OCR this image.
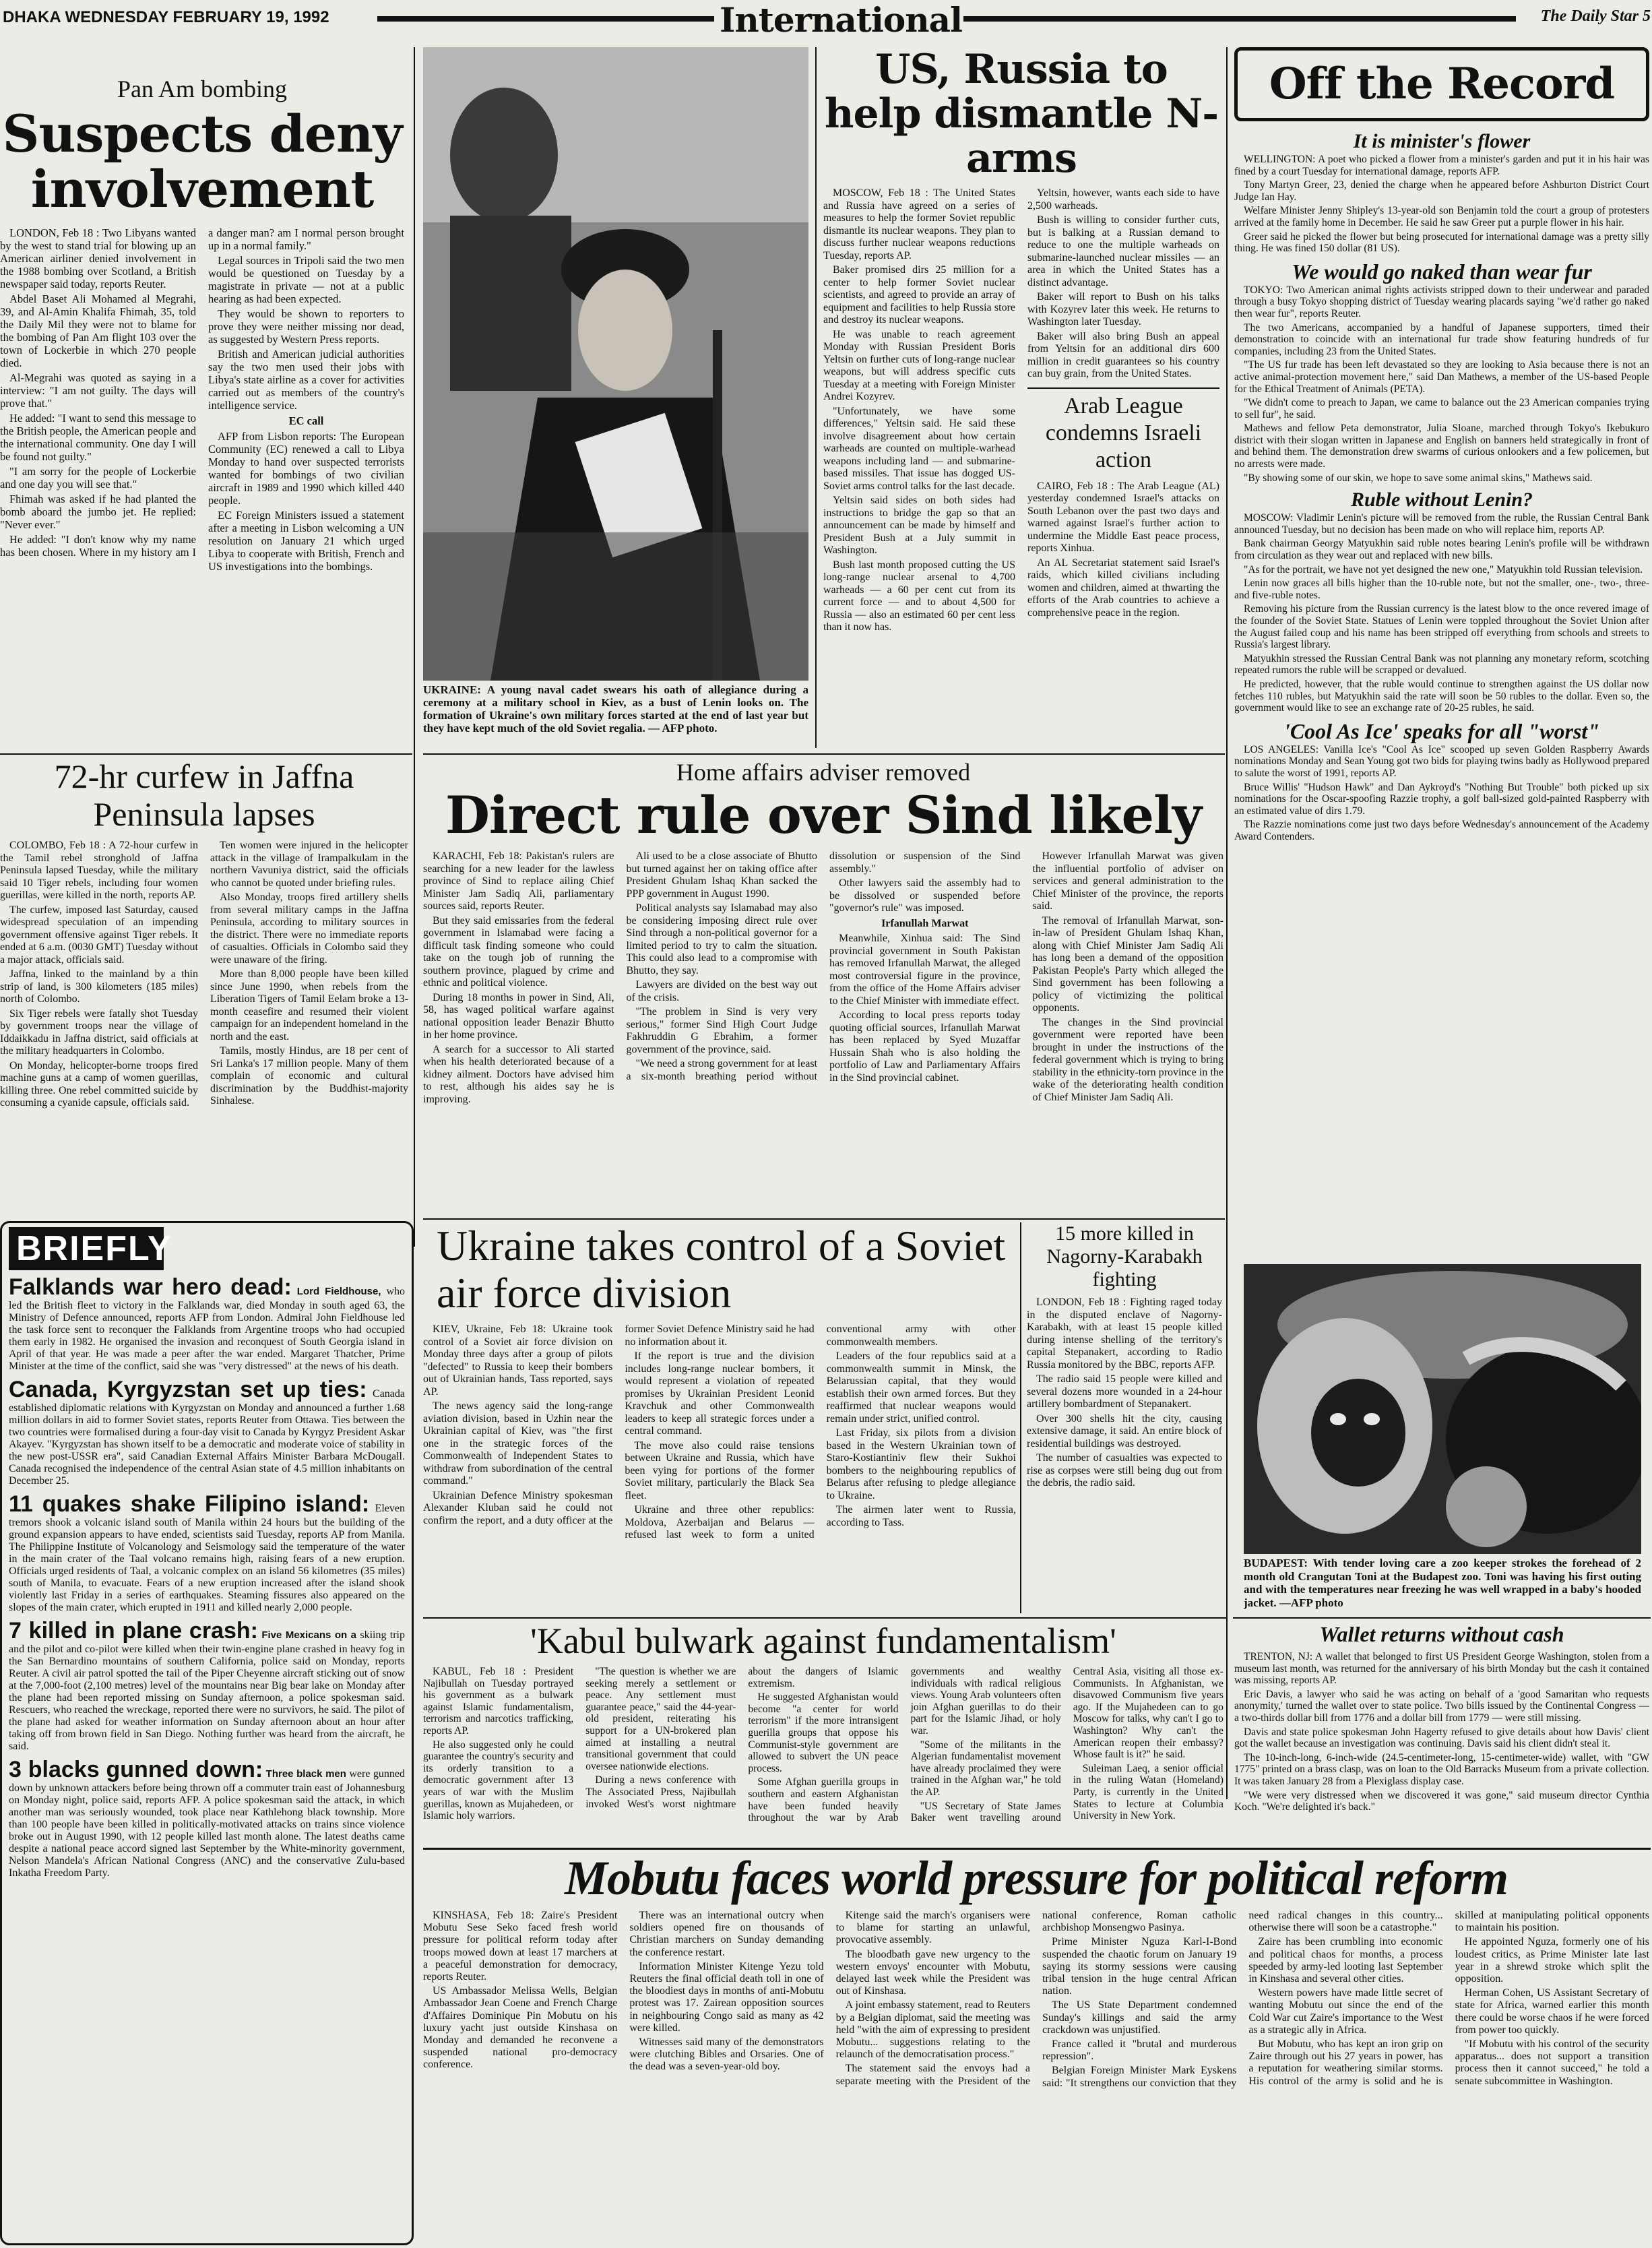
DHAKA WEDNESDAY FEBRUARY 19, 1992	International	The Daily Star 5
Pan Am bombing
Suspects deny involvement

LONDON, Feb 18 : Two Libyans wanted by the west to stand trial for blowing up an American airliner denied involvement in the 1988 bombing over Scotland, a British newspaper said today, reports Reuter.

Abdel Baset Ali Mohamed al Megrahi, 39, and Al-Amin Khalifa Fhimah, 35, told the Daily Mil they were not to blame for the bombing of Pan Am flight 103 over the town of Lockerbie in which 270 people died.

Al-Megrahi was quoted as saying in a interview: "I am not guilty. The days will prove that."

He added: "I want to send this message to the British people, the American people and the international community. One day I will be found not guilty."

"I am sorry for the people of Lockerbie and one day you will see that."

Fhimah was asked if he had planted the bomb aboard the jumbo jet. He replied: "Never ever."

He added: "I don't know why my name has been chosen. Where in my history am I a danger man? am I normal person brought up in a normal family."

Legal sources in Tripoli said the two men would be questioned on Tuesday by a magistrate in private — not at a public hearing as had been expected.

They would be shown to reporters to prove they were neither missing nor dead, as suggested by Western Press reports.

British and American judicial authorities say the two men used their jobs with Libya's state airline as a cover for activities carried out as members of the country's intelligence service.

EC call

AFP from Lisbon reports: The European Community (EC) renewed a call to Libya Monday to hand over suspected terrorists wanted for bombings of two civilian aircraft in 1989 and 1990 which killed 440 people.

EC Foreign Ministers issued a statement after a meeting in Lisbon welcoming a UN resolution on January 21 which urged Libya to cooperate with British, French and US investigations into the bombings.

UKRAINE: A young naval cadet swears his oath of allegiance during a ceremony at a military school in Kiev, as a bust of Lenin looks on. The formation of Ukraine's own military forces started at the end of last year but they have kept much of the old Soviet regalia. — AFP photo.
US, Russia to help dismantle N-arms

MOSCOW, Feb 18 : The United States and Russia have agreed on a series of measures to help the former Soviet republic dismantle its nuclear weapons. They plan to discuss further nuclear weapons reductions Tuesday, reports AP.

Baker promised dirs 25 million for a center to help former Soviet nuclear scientists, and agreed to provide an array of equipment and facilities to help Russia store and destroy its nuclear weapons.

He was unable to reach agreement Monday with Russian President Boris Yeltsin on further cuts of long-range nuclear weapons, but will address specific cuts Tuesday at a meeting with Foreign Minister Andrei Kozyrev.

"Unfortunately, we have some differences," Yeltsin said. He said these involve disagreement about how certain warheads are counted on multiple-warhead weapons including land — and submarine-based missiles. That issue has dogged US-Soviet arms control talks for the last decade.

Yeltsin said sides on both sides had instructions to bridge the gap so that an announcement can be made by himself and President Bush at a July summit in Washington.

Bush last month proposed cutting the US long-range nuclear arsenal to 4,700 warheads — a 60 per cent cut from its current force — and to about 4,500 for Russia — also an estimated 60 per cent less than it now has.

Yeltsin, however, wants each side to have 2,500 warheads.

Bush is willing to consider further cuts, but is balking at a Russian demand to reduce to one the multiple warheads on submarine-launched nuclear missiles — an area in which the United States has a distinct advantage.

Baker will report to Bush on his talks with Kozyrev later this week. He returns to Washington later Tuesday.

Baker will also bring Bush an appeal from Yeltsin for an additional dirs 600 million in credit guarantees so his country can buy grain, from the United States.

Arab League condemns Israeli action

CAIRO, Feb 18 : The Arab League (AL) yesterday condemned Israel's attacks on South Lebanon over the past two days and warned against Israel's further action to undermine the Middle East peace process, reports Xinhua.

An AL Secretariat statement said Israel's raids, which killed civilians including women and children, aimed at thwarting the efforts of the Arab countries to achieve a comprehensive peace in the region.

Off the Record
It is minister's flower

WELLINGTON: A poet who picked a flower from a minister's garden and put it in his hair was fined by a court Tuesday for international damage, reports AFP.

Tony Martyn Greer, 23, denied the charge when he appeared before Ashburton District Court Judge Ian Hay.

Welfare Minister Jenny Shipley's 13-year-old son Benjamin told the court a group of protesters arrived at the family home in December. He said he saw Greer put a purple flower in his hair.

Greer said he picked the flower but being prosecuted for international damage was a pretty silly thing. He was fined 150 dollar (81 US).

We would go naked than wear fur

TOKYO: Two American animal rights activists stripped down to their underwear and paraded through a busy Tokyo shopping district of Tuesday wearing placards saying "we'd rather go naked then wear fur", reports Reuter.

The two Americans, accompanied by a handful of Japanese supporters, timed their demonstration to coincide with an international fur trade show featuring hundreds of fur companies, including 23 from the United States.

"The US fur trade has been left devastated so they are looking to Asia because there is not an active animal-protection movement here," said Dan Mathews, a member of the US-based People for the Ethical Treatment of Animals (PETA).

"We didn't come to preach to Japan, we came to balance out the 23 American companies trying to sell fur", he said.

Mathews and fellow Peta demonstrator, Julia Sloane, marched through Tokyo's Ikebukuro district with their slogan written in Japanese and English on banners held strategically in front of and behind them. The demonstration drew swarms of curious onlookers and a few policemen, but no arrests were made.

"By showing some of our skin, we hope to save some animal skins," Mathews said.

Ruble without Lenin?

MOSCOW: Vladimir Lenin's picture will be removed from the ruble, the Russian Central Bank announced Tuesday, but no decision has been made on who will replace him, reports AP.

Bank chairman Georgy Matyukhin said ruble notes bearing Lenin's profile will be withdrawn from circulation as they wear out and replaced with new bills.

"As for the portrait, we have not yet designed the new one," Matyukhin told Russian television.

Lenin now graces all bills higher than the 10-ruble note, but not the smaller, one-, two-, three- and five-ruble notes.

Removing his picture from the Russian currency is the latest blow to the once revered image of the founder of the Soviet State. Statues of Lenin were toppled throughout the Soviet Union after the August failed coup and his name has been stripped off everything from schools and streets to Russia's largest library.

Matyukhin stressed the Russian Central Bank was not planning any monetary reform, scotching repeated rumors the ruble will be scrapped or devalued.

He predicted, however, that the ruble would continue to strengthen against the US dollar now fetches 110 rubles, but Matyukhin said the rate will soon be 50 rubles to the dollar. Even so, the government would like to see an exchange rate of 20-25 rubles, he said.

'Cool As Ice' speaks for all "worst"

LOS ANGELES: Vanilla Ice's "Cool As Ice" scooped up seven Golden Raspberry Awards nominations Monday and Sean Young got two bids for playing twins badly as Hollywood prepared to salute the worst of 1991, reports AP.

Bruce Willis' "Hudson Hawk" and Dan Aykroyd's "Nothing But Trouble" both picked up six nominations for the Oscar-spoofing Razzie trophy, a golf ball-sized gold-painted Raspberry with an estimated value of dirs 1.79.

The Razzie nominations come just two days before Wednesday's announcement of the Academy Award Contenders.

72-hr curfew in Jaffna Peninsula lapses

COLOMBO, Feb 18 : A 72-hour curfew in the Tamil rebel stronghold of Jaffna Peninsula lapsed Tuesday, while the military said 10 Tiger rebels, including four women guerillas, were killed in the north, reports AP.

The curfew, imposed last Saturday, caused widespread speculation of an impending government offensive against Tiger rebels. It ended at 6 a.m. (0030 GMT) Tuesday without a major attack, officials said.

Jaffna, linked to the mainland by a thin strip of land, is 300 kilometers (185 miles) north of Colombo.

Six Tiger rebels were fatally shot Tuesday by government troops near the village of Iddaikkadu in Jaffna district, said officials at the military headquarters in Colombo.

On Monday, helicopter-borne troops fired machine guns at a camp of women guerillas, killing three. One rebel committed suicide by consuming a cyanide capsule, officials said.

Ten women were injured in the helicopter attack in the village of Irampalkulam in the northern Vavuniya district, said the officials who cannot be quoted under briefing rules.

Also Monday, troops fired artillery shells from several military camps in the Jaffna Peninsula, according to military sources in the district. There were no immediate reports of casualties. Officials in Colombo said they were unaware of the firing.

More than 8,000 people have been killed since June 1990, when rebels from the Liberation Tigers of Tamil Eelam broke a 13-month ceasefire and resumed their violent campaign for an independent homeland in the north and the east.

Tamils, mostly Hindus, are 18 per cent of Sri Lanka's 17 million people. Many of them complain of economic and cultural discrimination by the Buddhist-majority Sinhalese.

Home affairs adviser removed
Direct rule over Sind likely

KARACHI, Feb 18: Pakistan's rulers are searching for a new leader for the lawless province of Sind to replace ailing Chief Minister Jam Sadiq Ali, parliamentary sources said, reports Reuter.

But they said emissaries from the federal government in Islamabad were facing a difficult task finding someone who could take on the tough job of running the southern province, plagued by crime and ethnic and political violence.

During 18 months in power in Sind, Ali, 58, has waged political warfare against national opposition leader Benazir Bhutto in her home province.

A search for a successor to Ali started when his health deteriorated because of a kidney ailment. Doctors have advised him to rest, although his aides say he is improving.

Ali used to be a close associate of Bhutto but turned against her on taking office after President Ghulam Ishaq Khan sacked the PPP government in August 1990.

Political analysts say Islamabad may also be considering imposing direct rule over Sind through a non-political governor for a limited period to try to calm the situation. This could also lead to a compromise with Bhutto, they say.

Lawyers are divided on the best way out of the crisis.

"The problem in Sind is very very serious," former Sind High Court Judge Fakhruddin G Ebrahim, a former government of the province, said.

"We need a strong government for at least a six-month breathing period without dissolution or suspension of the Sind assembly."

Other lawyers said the assembly had to be dissolved or suspended before "governor's rule" was imposed.

Irfanullah Marwat

Meanwhile, Xinhua said: The Sind provincial government in South Pakistan has removed Irfanullah Marwat, the alleged most controversial figure in the province, from the office of the Home Affairs adviser to the Chief Minister with immediate effect.

According to local press reports today quoting official sources, Irfanullah Marwat has been replaced by Syed Muzaffar Hussain Shah who is also holding the portfolio of Law and Parliamentary Affairs in the Sind provincial cabinet.

However Irfanullah Marwat was given the influential portfolio of adviser on services and general administration to the Chief Minister of the province, the reports said.

The removal of Irfanullah Marwat, son-in-law of President Ghulam Ishaq Khan, along with Chief Minister Jam Sadiq Ali has long been a demand of the opposition Pakistan People's Party which alleged the Sind government has been following a policy of victimizing the political opponents.

The changes in the Sind provincial government were reported have been brought in under the instructions of the federal government which is trying to bring stability in the ethnicity-torn province in the wake of the deteriorating health condition of Chief Minister Jam Sadiq Ali.

BRIEFLY
Falklands war hero dead: Lord Fieldhouse, who led the British fleet to victory in the Falklands war, died Monday in south aged 63, the Ministry of Defence announced, reports AFP from London. Admiral John Fieldhouse led the task force sent to reconquer the Falklands from Argentine troops who had occupied them early in 1982. He organised the invasion and reconquest of South Georgia island in April of that year. He was made a peer after the war ended. Margaret Thatcher, Prime Minister at the time of the conflict, said she was "very distressed" at the news of his death.
Canada, Kyrgyzstan set up ties: Canada established diplomatic relations with Kyrgyzstan on Monday and announced a further 1.68 million dollars in aid to former Soviet states, reports Reuter from Ottawa. Ties between the two countries were formalised during a four-day visit to Canada by Kyrgyz President Askar Akayev. "Kyrgyzstan has shown itself to be a democratic and moderate voice of stability in the new post-USSR era", said Canadian External Affairs Minister Barbara McDougall. Canada recognised the independence of the central Asian state of 4.5 million inhabitants on December 25.
11 quakes shake Filipino island: Eleven tremors shook a volcanic island south of Manila within 24 hours but the building of the ground expansion appears to have ended, scientists said Tuesday, reports AP from Manila. The Philippine Institute of Volcanology and Seismology said the temperature of the water in the main crater of the Taal volcano remains high, raising fears of a new eruption. Officials urged residents of Taal, a volcanic complex on an island 56 kilometres (35 miles) south of Manila, to evacuate. Fears of a new eruption increased after the island shook violently last Friday in a series of earthquakes. Steaming fissures also appeared on the slopes of the main crater, which erupted in 1911 and killed nearly 2,000 people.
7 killed in plane crash: Five Mexicans on a skiing trip and the pilot and co-pilot were killed when their twin-engine plane crashed in heavy fog in the San Bernardino mountains of southern California, police said on Monday, reports Reuter. A civil air patrol spotted the tail of the Piper Cheyenne aircraft sticking out of snow at the 7,000-foot (2,100 metres) level of the mountains near Big bear lake on Monday after the plane had been reported missing on Sunday afternoon, a police spokesman said. Rescuers, who reached the wreckage, reported there were no survivors, he said. The pilot of the plane had asked for weather information on Sunday afternoon about an hour after taking off from brown field in San Diego. Nothing further was heard from the aircraft, he said.
3 blacks gunned down: Three black men were gunned down by unknown attackers before being thrown off a commuter train east of Johannesburg on Monday night, police said, reports AFP. A police spokesman said the attack, in which another man was seriously wounded, took place near Kathlehong black township. More than 100 people have been killed in politically-motivated attacks on trains since violence broke out in August 1990, with 12 people killed last month alone. The latest deaths came despite a national peace accord signed last September by the White-minority government, Nelson Mandela's African National Congress (ANC) and the conservative Zulu-based Inkatha Freedom Party.
Ukraine takes control of a Soviet air force division

KIEV, Ukraine, Feb 18: Ukraine took control of a Soviet air force division on Monday three days after a group of pilots "defected" to Russia to keep their bombers out of Ukrainian hands, Tass reported, says AP.

The news agency said the long-range aviation division, based in Uzhin near the Ukrainian capital of Kiev, was "the first one in the strategic forces of the Commonwealth of Independent States to withdraw from subordination of the central command."

Ukrainian Defence Ministry spokesman Alexander Kluban said he could not confirm the report, and a duty officer at the former Soviet Defence Ministry said he had no information about it.

If the report is true and the division includes long-range nuclear bombers, it would represent a violation of repeated promises by Ukrainian President Leonid Kravchuk and other Commonwealth leaders to keep all strategic forces under a central command.

The move also could raise tensions between Ukraine and Russia, which have been vying for portions of the former Soviet military, particularly the Black Sea fleet.

Ukraine and three other republics: Moldova, Azerbaijan and Belarus — refused last week to form a united conventional army with other commonwealth members.

Leaders of the four republics said at a commonwealth summit in Minsk, the Belarussian capital, that they would establish their own armed forces. But they reaffirmed that nuclear weapons would remain under strict, unified control.

Last Friday, six pilots from a division based in the Western Ukrainian town of Staro-Kostiantiniv flew their Sukhoi bombers to the neighbouring republics of Belarus after refusing to pledge allegiance to Ukraine.

The airmen later went to Russia, according to Tass.

15 more killed in Nagorny-Karabakh fighting

LONDON, Feb 18 : Fighting raged today in the disputed enclave of Nagorny-Karabakh, with at least 15 people killed during intense shelling of the territory's capital Stepanakert, according to Radio Russia monitored by the BBC, reports AFP.

The radio said 15 people were killed and several dozens more wounded in a 24-hour artillery bombardment of Stepanakert.

Over 300 shells hit the city, causing extensive damage, it said. An entire block of residential buildings was destroyed.

The number of casualties was expected to rise as corpses were still being dug out from the debris, the radio said.

BUDAPEST: With tender loving care a zoo keeper strokes the forehead of 2 month old Crangutan Toni at the Budapest zoo. Toni was having his first outing and with the temperatures near freezing he was well wrapped in a baby's hooded jacket. —AFP photo
Wallet returns without cash

TRENTON, NJ: A wallet that belonged to first US President George Washington, stolen from a museum last month, was returned for the anniversary of his birth Monday but the cash it contained was missing, reports AP.

Eric Davis, a lawyer who said he was acting on behalf of a 'good Samaritan who requests anonymity,' turned the wallet over to state police. Two bills issued by the Continental Congress — a two-thirds dollar bill from 1776 and a dollar bill from 1779 — were still missing.

Davis and state police spokesman John Hagerty refused to give details about how Davis' client got the wallet because an investigation was continuing. Davis said his client didn't steal it.

The 10-inch-long, 6-inch-wide (24.5-centimeter-long, 15-centimeter-wide) wallet, with "GW 1775" printed on a brass clasp, was on loan to the Old Barracks Museum from a private collection. It was taken January 28 from a Plexiglass display case.

"We were very distressed when we discovered it was gone," said museum director Cynthia Koch. "We're delighted it's back."

'Kabul bulwark against fundamentalism'

KABUL, Feb 18 : President Najibullah on Tuesday portrayed his government as a bulwark against Islamic fundamentalism, terrorism and narcotics trafficking, reports AP.

He also suggested only he could guarantee the country's security and its orderly transition to a democratic government after 13 years of war with the Muslim guerillas, known as Mujahedeen, or Islamic holy warriors.

"The question is whether we are seeking merely a settlement or peace. Any settlement must guarantee peace," said the 44-year-old president, reiterating his support for a UN-brokered plan aimed at installing a neutral transitional government that could oversee nationwide elections.

During a news conference with The Associated Press, Najibullah invoked West's worst nightmare about the dangers of Islamic extremism.

He suggested Afghanistan would become "a center for world terrorism" if the more intransigent guerilla groups that oppose his Communist-style government are allowed to subvert the UN peace process.

Some Afghan guerilla groups in southern and eastern Afghanistan have been funded heavily throughout the war by Arab governments and wealthy individuals with radical religious views. Young Arab volunteers often join Afghan guerillas to do their part for the Islamic Jihad, or holy war.

"Some of the militants in the Algerian fundamentalist movement have already proclaimed they were trained in the Afghan war," he told the AP.

"US Secretary of State James Baker went travelling around Central Asia, visiting all those ex-Communists. In Afghanistan, we disavowed Communism five years ago. If the Mujahedeen can to go Moscow for talks, why can't I go to Washington? Why can't the American reopen their embassy? Whose fault is it?" he said.

Suleiman Laeq, a senior official in the ruling Watan (Homeland) Party, is currently in the United States to lecture at Columbia University in New York.

Mobutu faces world pressure for political reform

KINSHASA, Feb 18: Zaire's President Mobutu Sese Seko faced fresh world pressure for political reform today after troops mowed down at least 17 marchers at a peaceful demonstration for democracy, reports Reuter.

US Ambassador Melissa Wells, Belgian Ambassador Jean Coene and French Charge d'Affaires Dominique Pin Mobutu on his luxury yacht just outside Kinshasa on Monday and demanded he reconvene a suspended national pro-democracy conference.

There was an international outcry when soldiers opened fire on thousands of Christian marchers on Sunday demanding the conference restart.

Information Minister Kitenge Yezu told Reuters the final official death toll in one of the bloodiest days in months of anti-Mobutu protest was 17. Zairean opposition sources in neighbouring Congo said as many as 42 were killed.

Witnesses said many of the demonstrators were clutching Bibles and Orsaries. One of the dead was a seven-year-old boy.

Kitenge said the march's organisers were to blame for starting an unlawful, provocative assembly.

The bloodbath gave new urgency to the western envoys' encounter with Mobutu, delayed last week while the President was out of Kinshasa.

A joint embassy statement, read to Reuters by a Belgian diplomat, said the meeting was held "with the aim of expressing to president Mobutu... suggestions relating to the relaunch of the democratisation process."

The statement said the envoys had a separate meeting with the President of the national conference, Roman catholic archbishop Monsengwo Pasinya.

Prime Minister Nguza Karl-I-Bond suspended the chaotic forum on January 19 saying its stormy sessions were causing tribal tension in the huge central African nation.

The US State Department condemned Sunday's killings and said the army crackdown was unjustified.

France called it "brutal and murderous repression".

Belgian Foreign Minister Mark Eyskens said: "It strengthens our conviction that they need radical changes in this country... otherwise there will soon be a catastrophe."

Zaire has been crumbling into economic and political chaos for months, a process speeded by army-led looting last September in Kinshasa and several other cities.

Western powers have made little secret of wanting Mobutu out since the end of the Cold War cut Zaire's importance to the West as a strategic ally in Africa.

But Mobutu, who has kept an iron grip on Zaire through out his 27 years in power, has a reputation for weathering similar storms. His control of the army is solid and he is skilled at manipulating political opponents to maintain his position.

He appointed Nguza, formerly one of his loudest critics, as Prime Minister late last year in a shrewd stroke which split the opposition.

Herman Cohen, US Assistant Secretary of state for Africa, warned earlier this month there could be worse chaos if he were forced from power too quickly.

"If Mobutu with his control of the security apparatus... does not support a transition process then it cannot succeed," he told a senate subcommittee in Washington.
